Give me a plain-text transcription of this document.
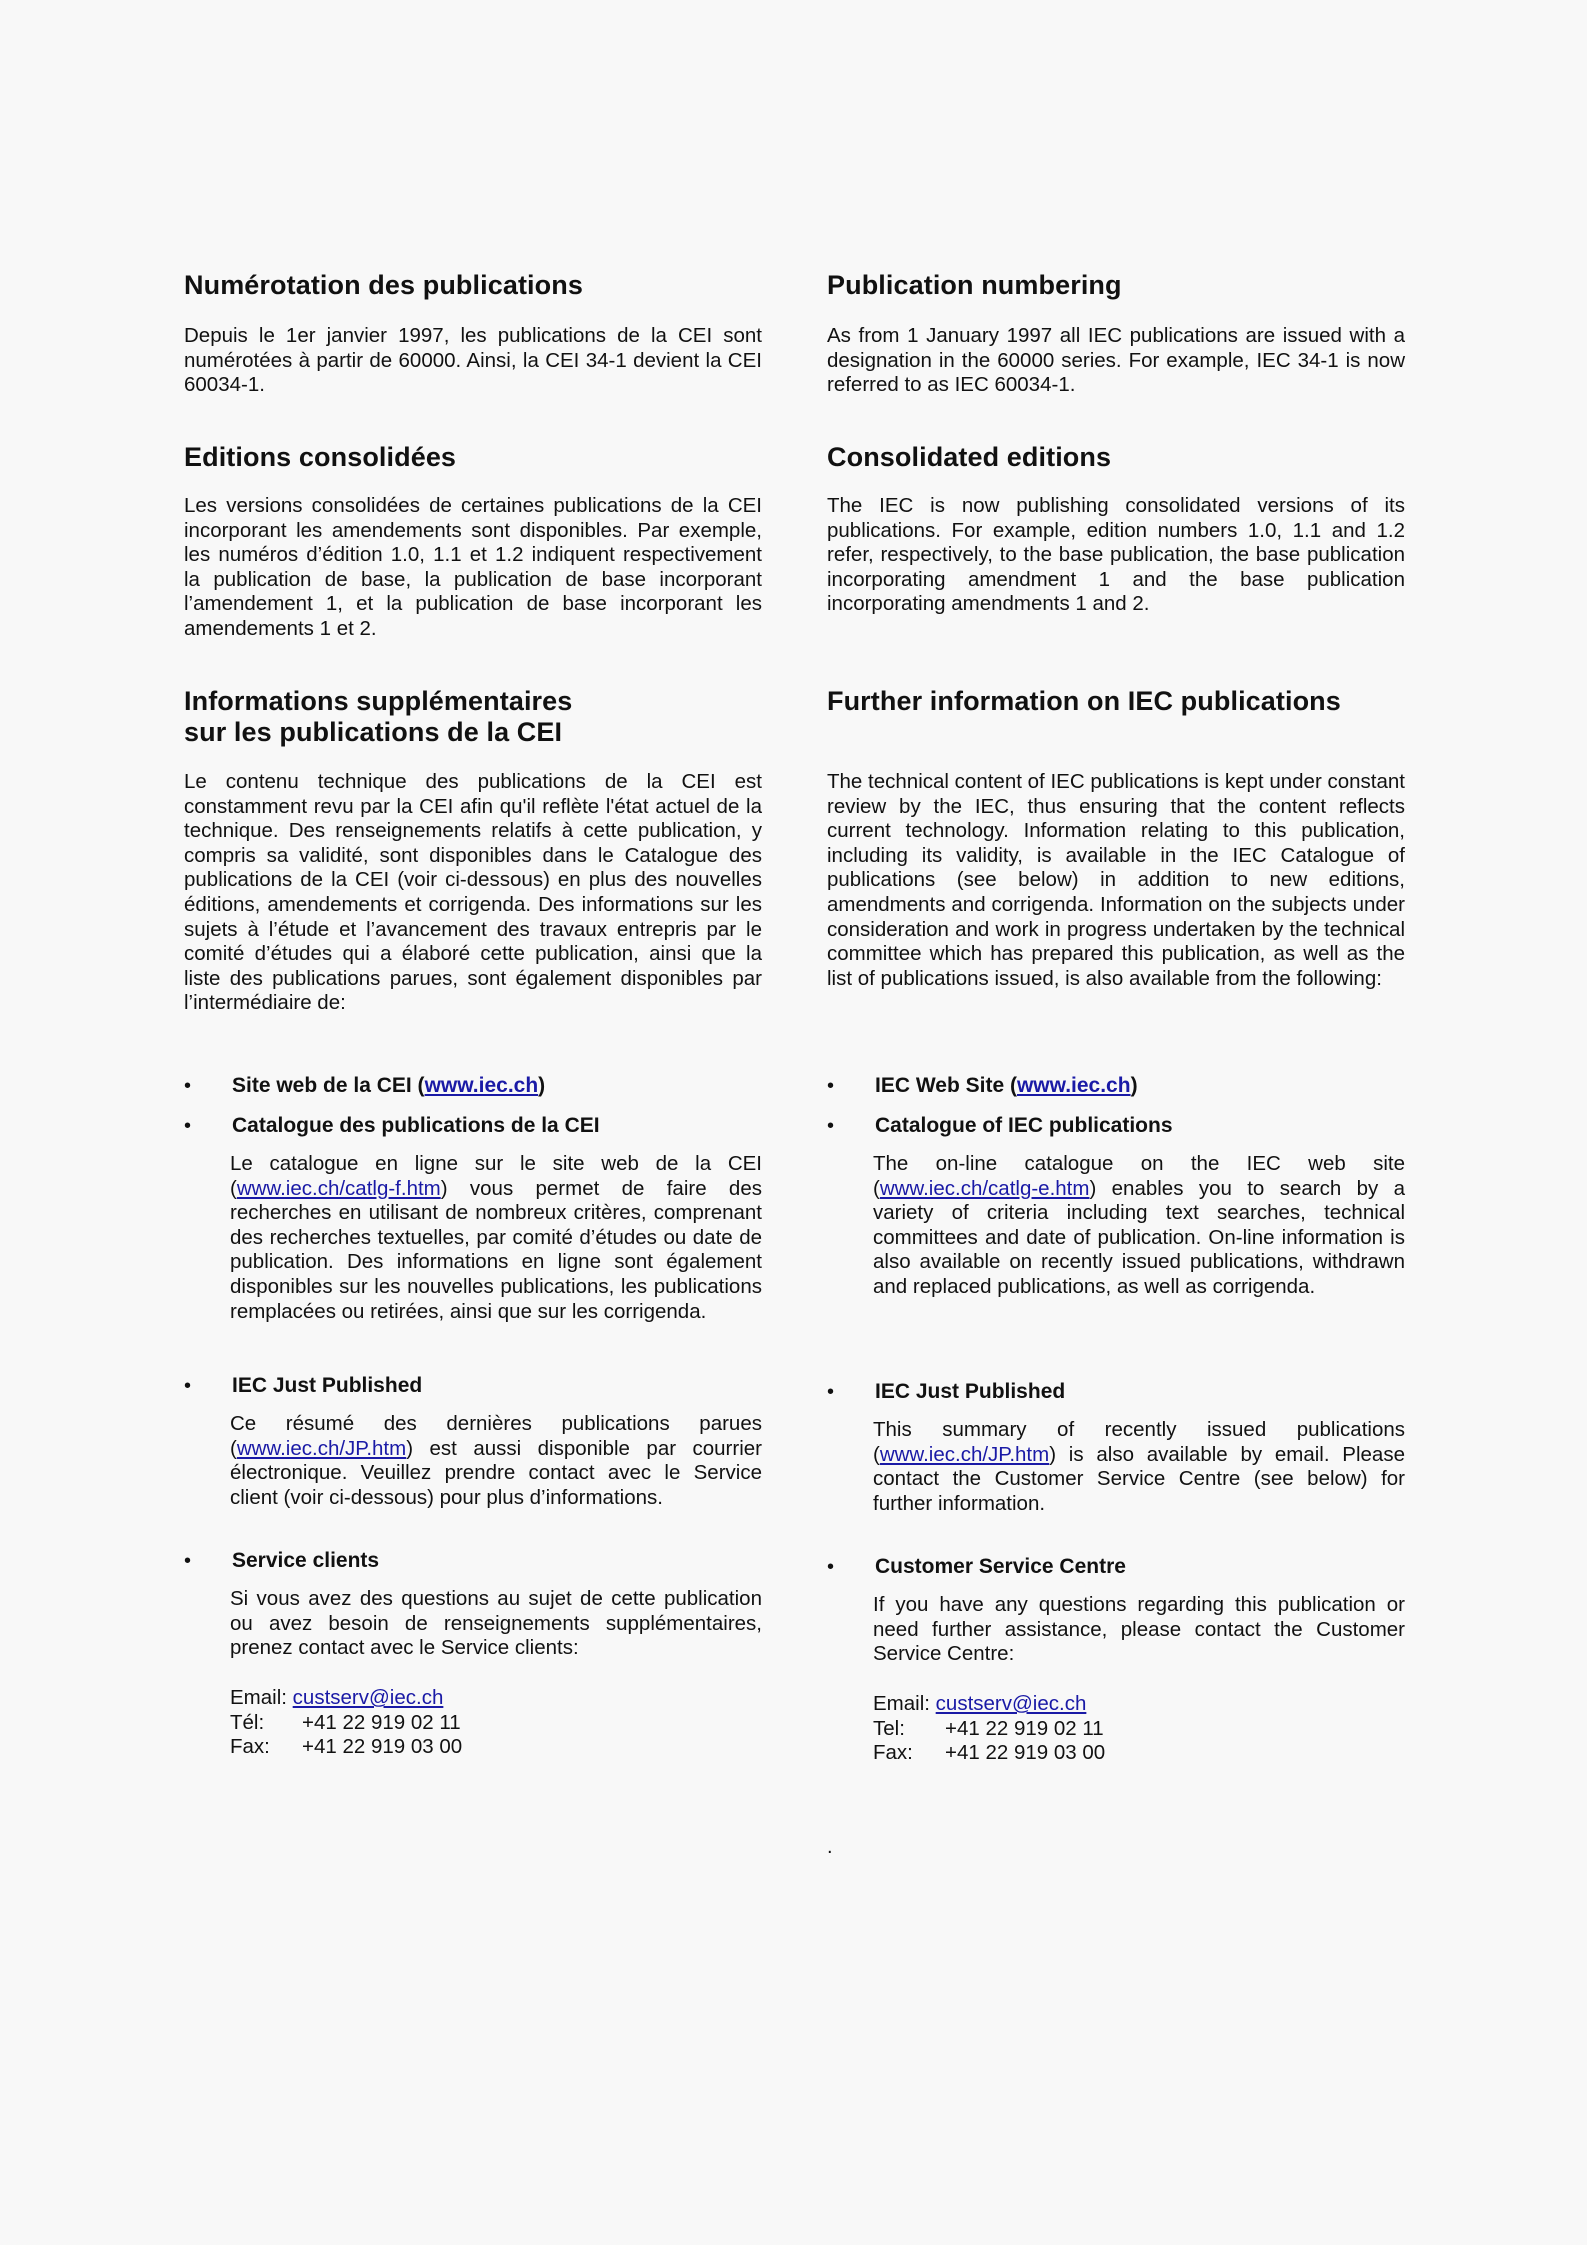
Numérotation des publications

Depuis le 1er janvier 1997, les publications de la CEI sont numérotées à partir de 60000. Ainsi, la CEI 34-1 devient la CEI 60034-1.

Editions consolidées

Les versions consolidées de certaines publications de la CEI incorporant les amendements sont disponibles. Par exemple, les numéros d’édition 1.0, 1.1 et 1.2 indiquent respectivement la publication de base, la publication de base incorporant l’amendement 1, et la publication de base incorporant les amendements 1 et 2.

Informations supplémentaires
sur les publications de la CEI

Le contenu technique des publications de la CEI est constamment revu par la CEI afin qu'il reflète l'état actuel de la technique. Des renseignements relatifs à cette publication, y compris sa validité, sont disponibles dans le Catalogue des publications de la CEI (voir ci-dessous) en plus des nouvelles éditions, amendements et corrigenda. Des informations sur les sujets à l’étude et l’avancement des travaux entrepris par le comité d’études qui a élaboré cette publication, ainsi que la liste des publications parues, sont également disponibles par l’intermédiaire de:

• Site web de la CEI (www.iec.ch)
• Catalogue des publications de la CEI

Le catalogue en ligne sur le site web de la CEI (www.iec.ch/catlg-f.htm) vous permet de faire des recherches en utilisant de nombreux critères, comprenant des recherches textuelles, par comité d’études ou date de publication. Des informations en ligne sont également disponibles sur les nouvelles publications, les publications remplacées ou retirées, ainsi que sur les corrigenda.

• IEC Just Published

Ce résumé des dernières publications parues (www.iec.ch/JP.htm) est aussi disponible par courrier électronique. Veuillez prendre contact avec le Service client (voir ci-dessous) pour plus d’informations.

• Service clients

Si vous avez des questions au sujet de cette publication ou avez besoin de renseignements supplémentaires, prenez contact avec le Service clients:

Email: custserv@iec.ch
Tél: +41 22 919 02 11
Fax: +41 22 919 03 00
Publication numbering

As from 1 January 1997 all IEC publications are issued with a designation in the 60000 series. For example, IEC 34-1 is now referred to as IEC 60034-1.

Consolidated editions

The IEC is now publishing consolidated versions of its publications. For example, edition numbers 1.0, 1.1 and 1.2 refer, respectively, to the base publication, the base publication incorporating amendment 1 and the base publication incorporating amendments 1 and 2.

Further information on IEC publications

The technical content of IEC publications is kept under constant review by the IEC, thus ensuring that the content reflects current technology. Information relating to this publication, including its validity, is available in the IEC Catalogue of publications (see below) in addition to new editions, amendments and corrigenda. Information on the subjects under consideration and work in progress undertaken by the technical committee which has prepared this publication, as well as the list of publications issued, is also available from the following:

• IEC Web Site (www.iec.ch)
• Catalogue of IEC publications

The on-line catalogue on the IEC web site (www.iec.ch/catlg-e.htm) enables you to search by a variety of criteria including text searches, technical committees and date of publication. On-line information is also available on recently issued publications, withdrawn and replaced publications, as well as corrigenda.

• IEC Just Published

This summary of recently issued publications (www.iec.ch/JP.htm) is also available by email. Please contact the Customer Service Centre (see below) for further information.

• Customer Service Centre

If you have any questions regarding this publication or need further assistance, please contact the Customer Service Centre:

Email: custserv@iec.ch
Tel: +41 22 919 02 11
Fax: +41 22 919 03 00
.
